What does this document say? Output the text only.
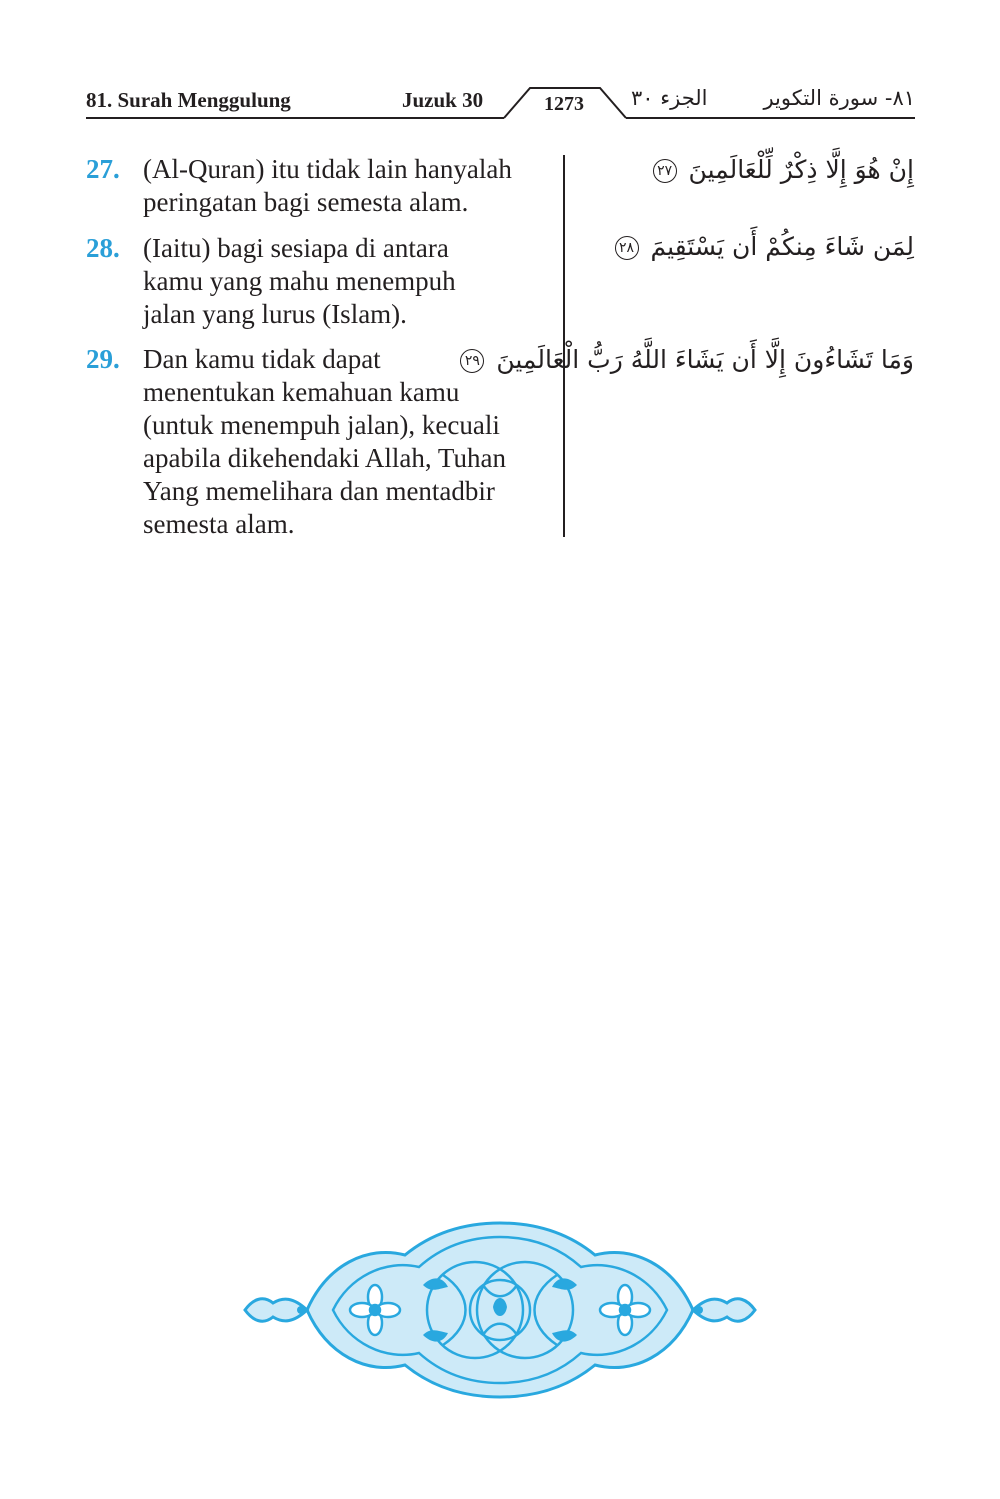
81. Surah Menggulung	Juzuk 30	1273	الجزء ٣٠	٨١- سورة التكوير
27. (Al-Quran) itu tidak lain hanyalah
peringatan bagi semesta alam.
إِنْ هُوَ إِلَّا ذِكْرٌ لِّلْعَالَمِينَ ٢٧
28. (Iaitu) bagi sesiapa di antara
kamu yang mahu menempuh
jalan yang lurus (Islam).
لِمَن شَاءَ مِنكُمْ أَن يَسْتَقِيمَ ٢٨
29. Dan kamu tidak dapat
menentukan kemahuan kamu
(untuk menempuh jalan), kecuali
apabila dikehendaki Allah, Tuhan
Yang memelihara dan mentadbir
semesta alam.
وَمَا تَشَاءُونَ إِلَّا أَن يَشَاءَ اللَّهُ رَبُّ الْعَالَمِينَ ٢٩
